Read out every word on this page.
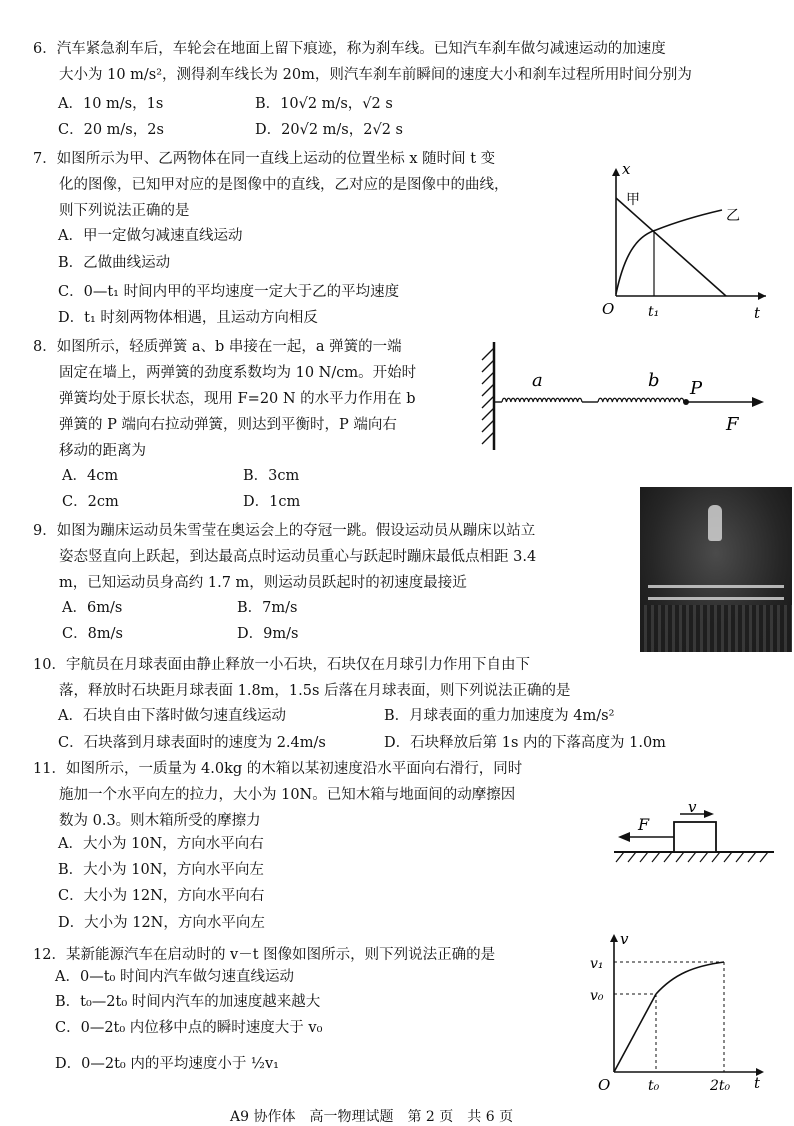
6．汽车紧急刹车后，车轮会在地面上留下痕迹，称为刹车线。已知汽车刹车做匀减速运动的加速度
大小为 10 m/s²，测得刹车线长为 20m，则汽车刹车前瞬间的速度大小和刹车过程所用时间分别为
A．10 m/s，1s	B．10√2 m/s，√2 s
C．20 m/s，2s	D．20√2 m/s，2√2 s
7．如图所示为甲、乙两物体在同一直线上运动的位置坐标 x 随时间 t 变
化的图像，已知甲对应的是图像中的直线，乙对应的是图像中的曲线，
则下列说法正确的是
A．甲一定做匀减速直线运动
B．乙做曲线运动
C．0—t₁ 时间内甲的平均速度一定大于乙的平均速度
D．t₁ 时刻两物体相遇，且运动方向相反
x
t
O t₁
甲
乙
8．如图所示，轻质弹簧 a、b 串接在一起，a 弹簧的一端
固定在墙上，两弹簧的劲度系数均为 10 N/cm。开始时
弹簧均处于原长状态，现用 F=20 N 的水平力作用在 b
弹簧的 P 端向右拉动弹簧，则达到平衡时，P 端向右
移动的距离为
A．4cm	B．3cm
C．2cm	D．1cm
a	b P
F
9．如图为蹦床运动员朱雪莹在奥运会上的夺冠一跳。假设运动员从蹦床以站立
姿态竖直向上跃起，到达最高点时运动员重心与跃起时蹦床最低点相距 3.4
m，已知运动员身高约 1.7 m，则运动员跃起时的初速度最接近
A．6m/s	B．7m/s
C．8m/s	D．9m/s
10．宇航员在月球表面由静止释放一小石块，石块仅在月球引力作用下自由下
落，释放时石块距月球表面 1.8m，1.5s 后落在月球表面，则下列说法正确的是
A．石块自由下落时做匀速直线运动	B．月球表面的重力加速度为 4m/s²
C．石块落到月球表面时的速度为 2.4m/s	D．石块释放后第 1s 内的下落高度为 1.0m
11．如图所示，一质量为 4.0kg 的木箱以某初速度沿水平面向右滑行，同时
施加一个水平向左的拉力，大小为 10N。已知木箱与地面间的动摩擦因
数为 0.3。则木箱所受的摩擦力
A．大小为 10N，方向水平向右
B．大小为 10N，方向水平向左
C．大小为 12N，方向水平向右
D．大小为 12N，方向水平向左
v
F
12．某新能源汽车在启动时的 v－t 图像如图所示，则下列说法正确的是
A．0—t₀ 时间内汽车做匀速直线运动
B．t₀—2t₀ 时间内汽车的加速度越来越大
C．0—2t₀ 内位移中点的瞬时速度大于 v₀
D．0—2t₀ 内的平均速度小于 ½v₁
v
t
O
v₁
v₀
t₀	2t₀
A9 协作体　高一物理试题　第 2 页　共 6 页
